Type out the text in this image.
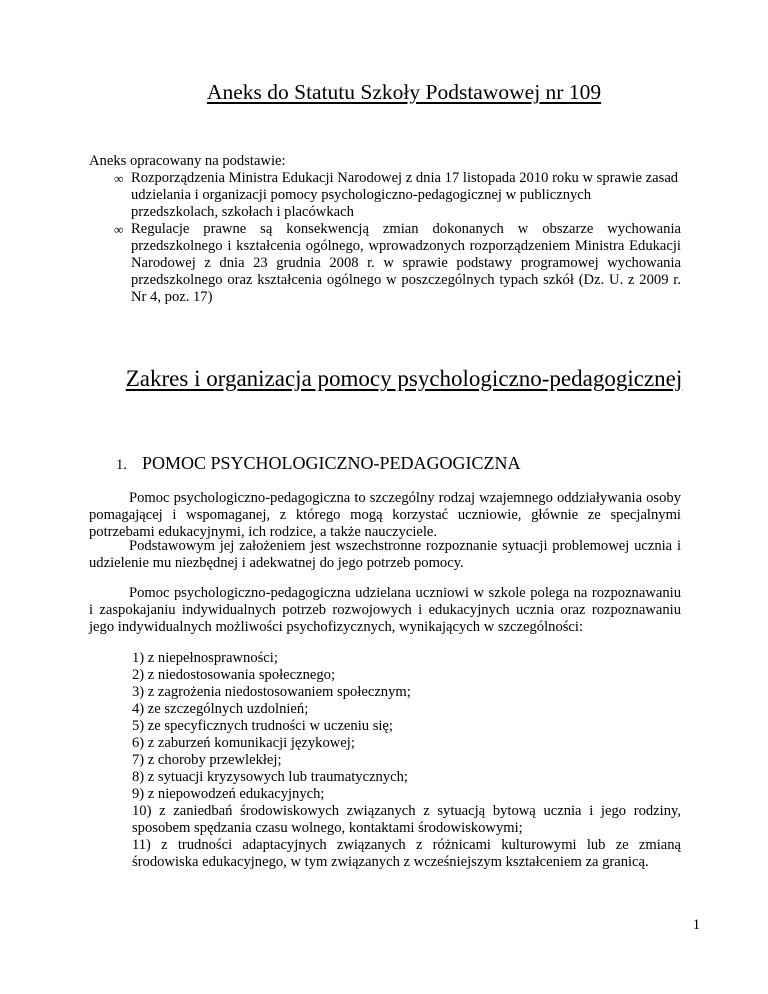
Aneks do Statutu Szkoły Podstawowej nr 109
Aneks opracowany na podstawie:
∞ Rozporządzenia Ministra Edukacji Narodowej z dnia 17 listopada 2010 roku w sprawie zasad udzielania i organizacji pomocy psychologiczno-pedagogicznej w publicznych przedszkolach, szkołach i placówkach
∞ Regulacje prawne są konsekwencją zmian dokonanych w obszarze wychowania przedszkolnego i kształcenia ogólnego, wprowadzonych rozporządzeniem Ministra Edukacji Narodowej z dnia 23 grudnia 2008 r. w sprawie podstawy programowej wychowania przedszkolnego oraz kształcenia ogólnego w poszczególnych typach szkół (Dz. U. z 2009 r. Nr 4, poz. 17)
Zakres i organizacja pomocy psychologiczno-pedagogicznej
1. POMOC PSYCHOLOGICZNO-PEDAGOGICZNA

Pomoc psychologiczno-pedagogiczna to szczególny rodzaj wzajemnego oddziaływania osoby pomagającej i wspomaganej, z którego mogą korzystać uczniowie, głównie ze specjalnymi potrzebami edukacyjnymi, ich rodzice, a także nauczyciele.

Podstawowym jej założeniem jest wszechstronne rozpoznanie sytuacji problemowej ucznia i udzielenie mu niezbędnej i adekwatnej do jego potrzeb pomocy.

Pomoc psychologiczno-pedagogiczna udzielana uczniowi w szkole polega na rozpoznawaniu i zaspokajaniu indywidualnych potrzeb rozwojowych i edukacyjnych ucznia oraz rozpoznawaniu jego indywidualnych możliwości psychofizycznych, wynikających w szczególności:

1) z niepełnosprawności;
2) z niedostosowania społecznego;
3) z zagrożenia niedostosowaniem społecznym;
4) ze szczególnych uzdolnień;
5) ze specyficznych trudności w uczeniu się;
6) z zaburzeń komunikacji językowej;
7) z choroby przewlekłej;
8) z sytuacji kryzysowych lub traumatycznych;
9) z niepowodzeń edukacyjnych;
10) z zaniedbań środowiskowych związanych z sytuacją bytową ucznia i jego rodziny, sposobem spędzania czasu wolnego, kontaktami środowiskowymi;
11) z trudności adaptacyjnych związanych z różnicami kulturowymi lub ze zmianą środowiska edukacyjnego, w tym związanych z wcześniejszym kształceniem za granicą.
1
